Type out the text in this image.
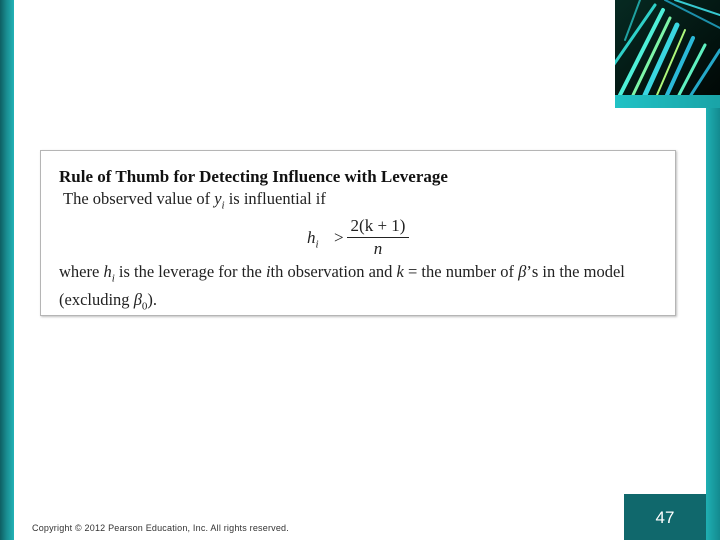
Rule of Thumb for Detecting Influence with Leverage
The observed value of $y_i$ is influential if
$h_i$ >
2(k + 1)
n
where $h_i$ is the leverage for the ith observation and k = the number of β’s in the model (excluding $\beta_0$).
Copyright © 2012 Pearson Education, Inc. All rights reserved.
47
